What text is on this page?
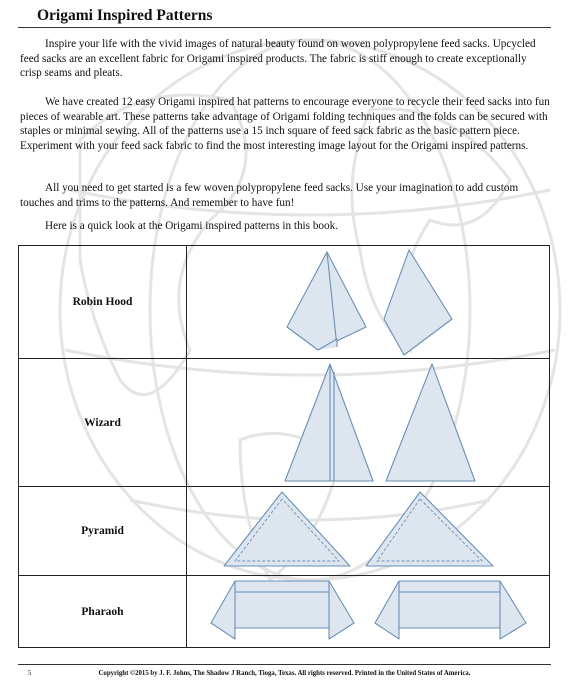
Origami Inspired Patterns

Inspire your life with the vivid images of natural beauty found on woven polypropylene feed sacks. Upcycled feed sacks are an excellent fabric for Origami inspired products. The fabric is stiff enough to create exceptionally crisp seams and pleats.

We have created 12 easy Origami inspired hat patterns to encourage everyone to recycle their feed sacks into fun pieces of wearable art. These patterns take advantage of Origami folding techniques and the folds can be secured with staples or minimal sewing. All of the patterns use a 15 inch square of feed sack fabric as the basic pattern piece. Experiment with your feed sack fabric to find the most interesting image layout for the Origami inspired patterns.

All you need to get started is a few woven polypropylene feed sacks. Use your imagination to add custom touches and trims to the patterns. And remember to have fun!

Here is a quick look at the Origami inspired patterns in this book.

Robin Hood	

Wizard	

Pyramid	

Pharaoh	
5	Copyright ©2015 by J. F. Johns, The Shadow J Ranch, Tioga, Texas. All rights reserved. Printed in the United States of America.
